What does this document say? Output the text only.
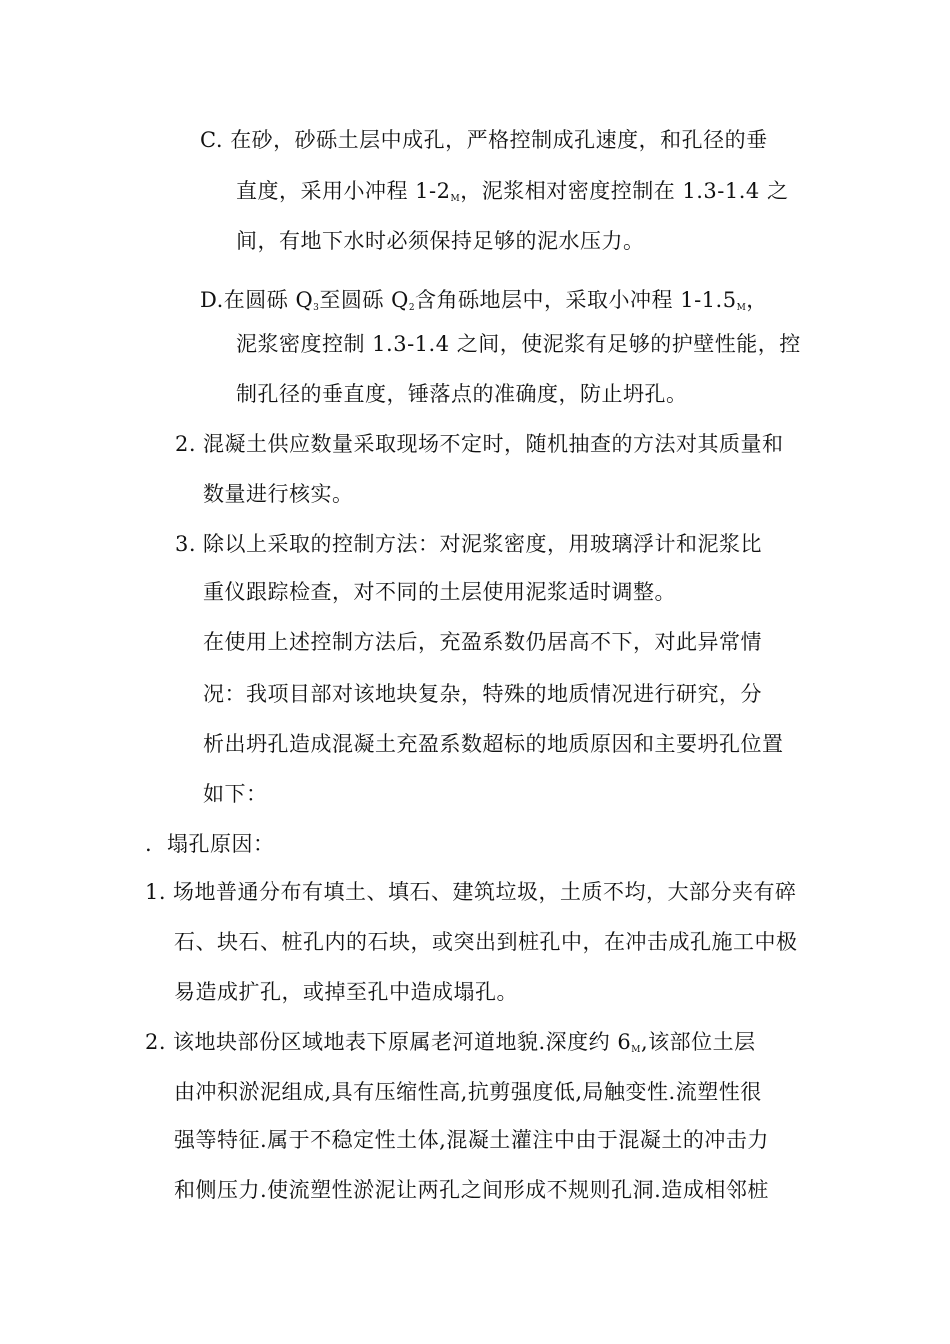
C. 在砂，砂砾土层中成孔，严格控制成孔速度，和孔径的垂
直度，采用小冲程 $1-2_M$，泥浆相对密度控制在 1.3-1.4 之
间，有地下水时必须保持足够的泥水压力。
D.在圆砾 $Q_3$至圆砾 $Q_2$含角砾地层中，采取小冲程 $1-1.5_M$，
泥浆密度控制 1.3-1.4 之间，使泥浆有足够的护壁性能，控
制孔径的垂直度，锤落点的准确度，防止坍孔。
2. 混凝土供应数量采取现场不定时，随机抽查的方法对其质量和
数量进行核实。
3. 除以上采取的控制方法：对泥浆密度，用玻璃浮计和泥浆比
重仪跟踪检查，对不同的土层使用泥浆适时调整。
在使用上述控制方法后，充盈系数仍居高不下，对此异常情
况：我项目部对该地块复杂，特殊的地质情况进行研究，分
析出坍孔造成混凝土充盈系数超标的地质原因和主要坍孔位置
如下：
. 塌孔原因：
1. 场地普通分布有填土、填石、建筑垃圾，土质不均，大部分夹有碎
石、块石、桩孔内的石块，或突出到桩孔中，在冲击成孔施工中极
易造成扩孔，或掉至孔中造成塌孔。
2. 该地块部份区域地表下原属老河道地貌.深度约 $6_M$,该部位土层
由冲积淤泥组成,具有压缩性高,抗剪强度低,局触变性.流塑性很
强等特征.属于不稳定性土体,混凝土灌注中由于混凝土的冲击力
和侧压力.使流塑性淤泥让两孔之间形成不规则孔洞.造成相邻桩
